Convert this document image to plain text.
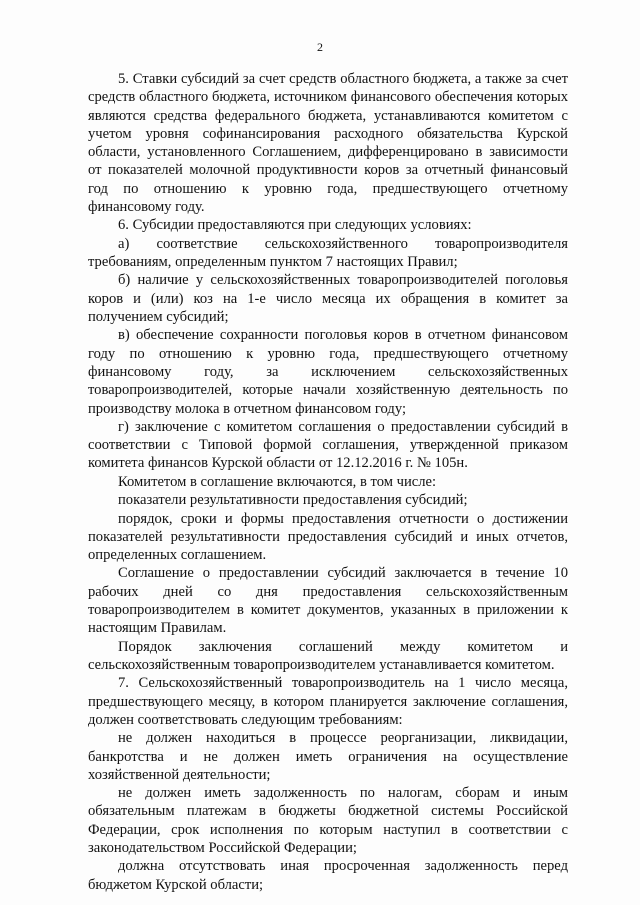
2

5. Ставки субсидий за счет средств областного бюджета, а также за счет средств областного бюджета, источником финансового обеспечения которых являются средства федерального бюджета, устанавливаются комитетом с учетом уровня софинансирования расходного обязательства Курской области, установленного Соглашением, дифференцировано в зависимости от показателей молочной продуктивности коров за отчетный финансовый год по отношению к уровню года, предшествующего отчетному финансовому году.

6. Субсидии предоставляются при следующих условиях:

а) соответствие сельскохозяйственного товаропроизводителя требованиям, определенным пунктом 7 настоящих Правил;

б) наличие у сельскохозяйственных товаропроизводителей поголовья коров и (или) коз на 1-е число месяца их обращения в комитет за получением субсидий;

в) обеспечение сохранности поголовья коров в отчетном финансовом году по отношению к уровню года, предшествующего отчетному финансовому году, за исключением сельскохозяйственных товаропроизводителей, которые начали хозяйственную деятельность по производству молока в отчетном финансовом году;

г) заключение с комитетом соглашения о предоставлении субсидий в соответствии с Типовой формой соглашения, утвержденной приказом комитета финансов Курской области от 12.12.2016 г. № 105н.

Комитетом в соглашение включаются, в том числе:

показатели результативности предоставления субсидий;

порядок, сроки и формы предоставления отчетности о достижении показателей результативности предоставления субсидий и иных отчетов, определенных соглашением.

Соглашение о предоставлении субсидий заключается в течение 10 рабочих дней со дня предоставления сельскохозяйственным товаропроизводителем в комитет документов, указанных в приложении к настоящим Правилам.

Порядок заключения соглашений между комитетом и сельскохозяйственным товаропроизводителем устанавливается комитетом.

7. Сельскохозяйственный товаропроизводитель на 1 число месяца, предшествующего месяцу, в котором планируется заключение соглашения, должен соответствовать следующим требованиям:

не должен находиться в процессе реорганизации, ликвидации, банкротства и не должен иметь ограничения на осуществление хозяйственной деятельности;

не должен иметь задолженность по налогам, сборам и иным обязательным платежам в бюджеты бюджетной системы Российской Федерации, срок исполнения по которым наступил в соответствии с законодательством Российской Федерации;

должна отсутствовать иная просроченная задолженность перед бюджетом Курской области;
